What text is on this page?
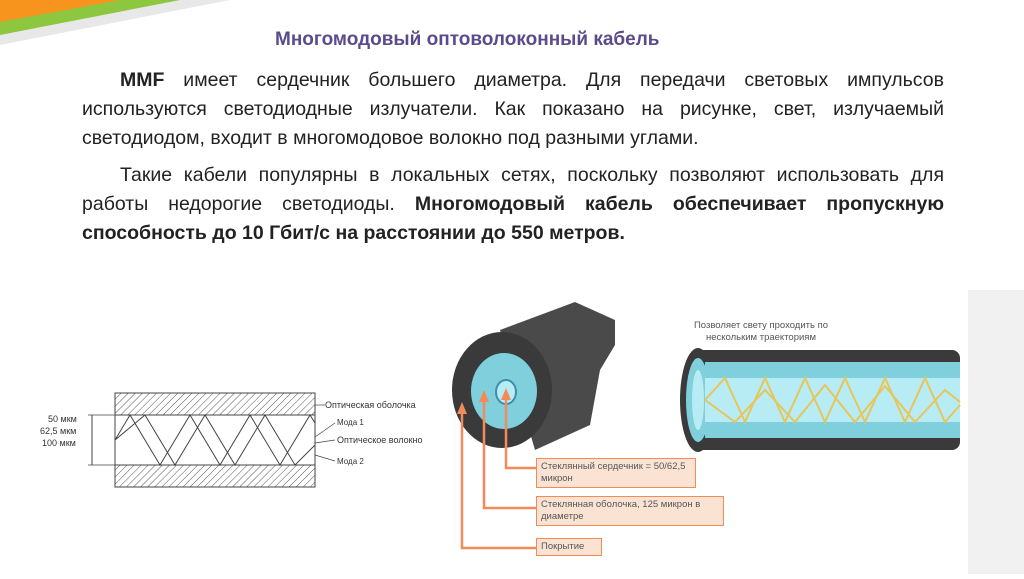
Многомодовый оптоволоконный кабель

MMF имеет сердечник большего диаметра. Для передачи световых импульсов используются светодиодные излучатели. Как показано на рисунке, свет, излучаемый светодиодом, входит в многомодовое волокно под разными углами.

Такие кабели популярны в локальных сетях, поскольку позволяют использовать для работы недорогие светодиоды. Многомодовый кабель обеспечивает пропускную способность до 10 Гбит/с на расстоянии до 550 метров.

50 мкм
62,5 мкм
100 мкм
Оптическая оболочка
Мода 1
Оптическое волокно
Мода 2
Позволяет свету проходить по нескольким траекториям
Стеклянный сердечник = 50/62,5 микрон
Стеклянная оболочка, 125 микрон в диаметре
Покрытие
